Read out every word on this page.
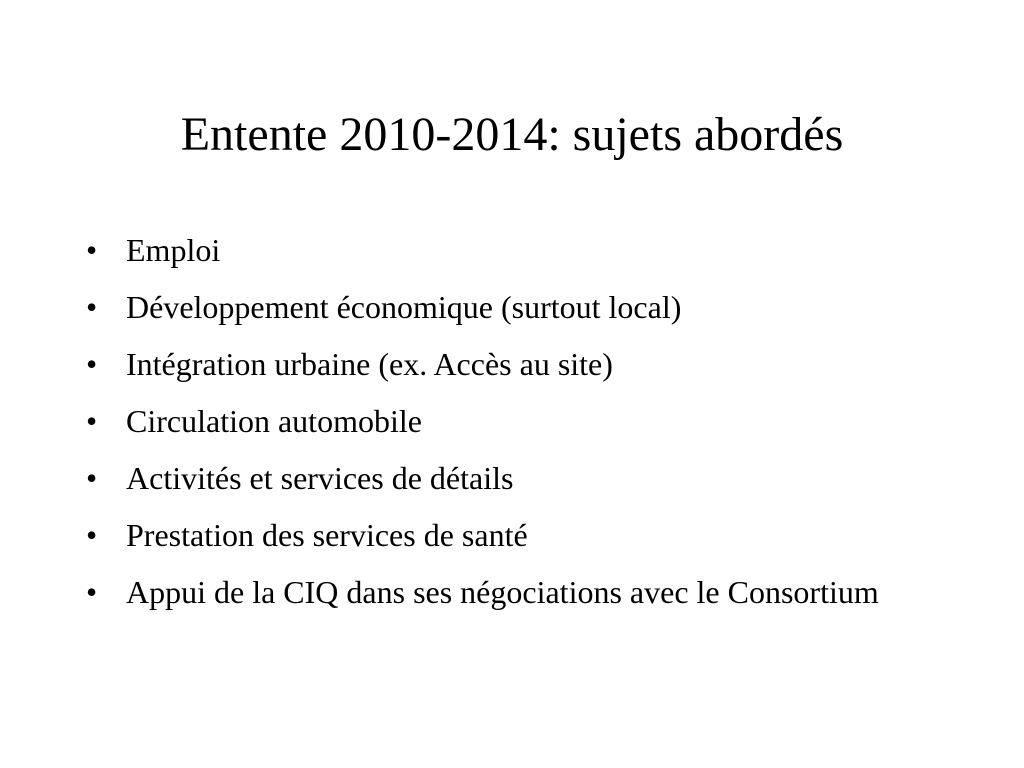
Entente 2010-2014: sujets abordés
• Emploi
• Développement économique (surtout local)
• Intégration urbaine (ex. Accès au site)
• Circulation automobile
• Activités et services de détails
• Prestation des services de santé
• Appui de la CIQ dans ses négociations avec le Consortium
